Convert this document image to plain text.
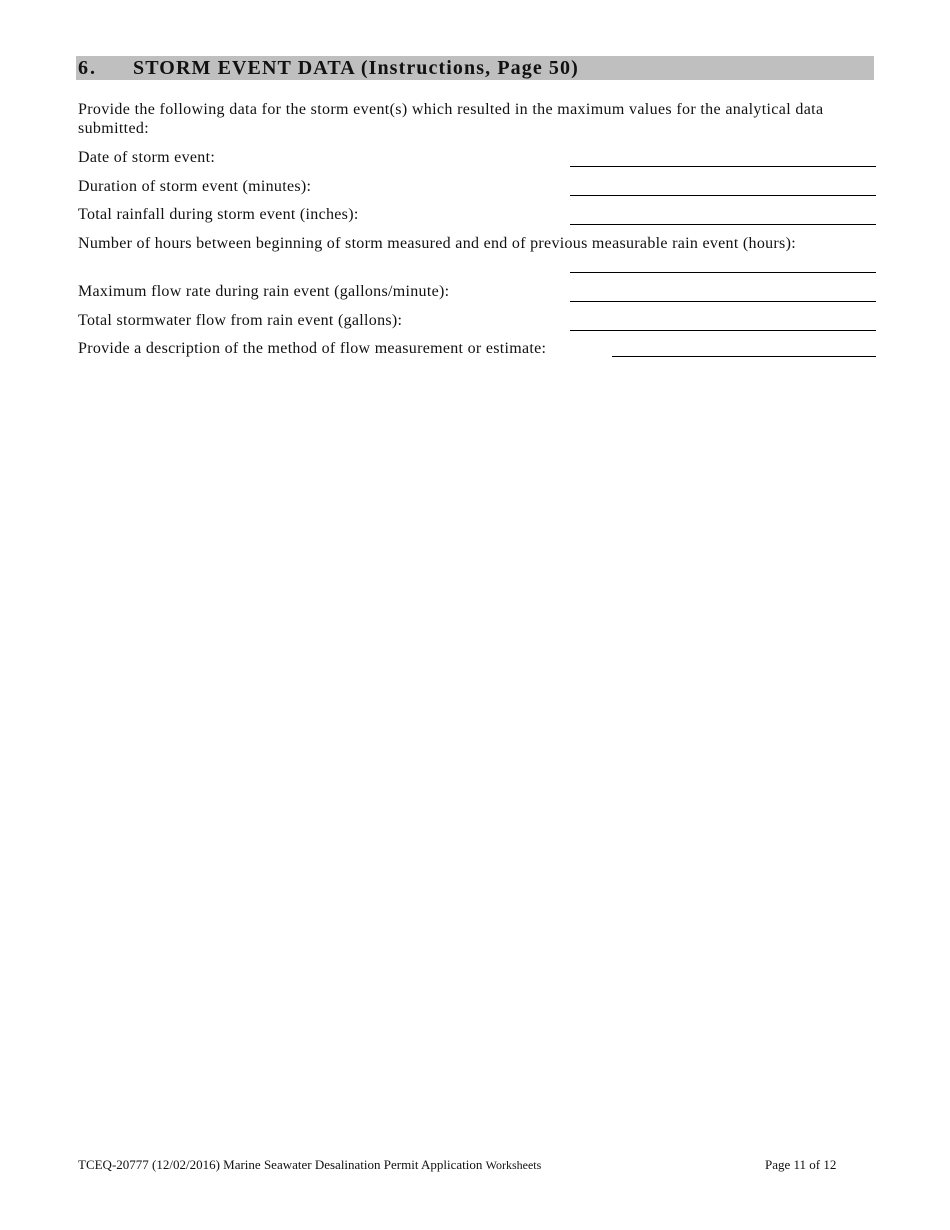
6. STORM EVENT DATA (Instructions, Page 50)
Provide the following data for the storm event(s) which resulted in the maximum values for the analytical data submitted:
Date of storm event:
Duration of storm event (minutes):
Total rainfall during storm event (inches):
Number of hours between beginning of storm measured and end of previous measurable rain event (hours):
Maximum flow rate during rain event (gallons/minute):
Total stormwater flow from rain event (gallons):
Provide a description of the method of flow measurement or estimate:
TCEQ-20777 (12/02/2016) Marine Seawater Desalination Permit Application Worksheets	Page 11 of 12
